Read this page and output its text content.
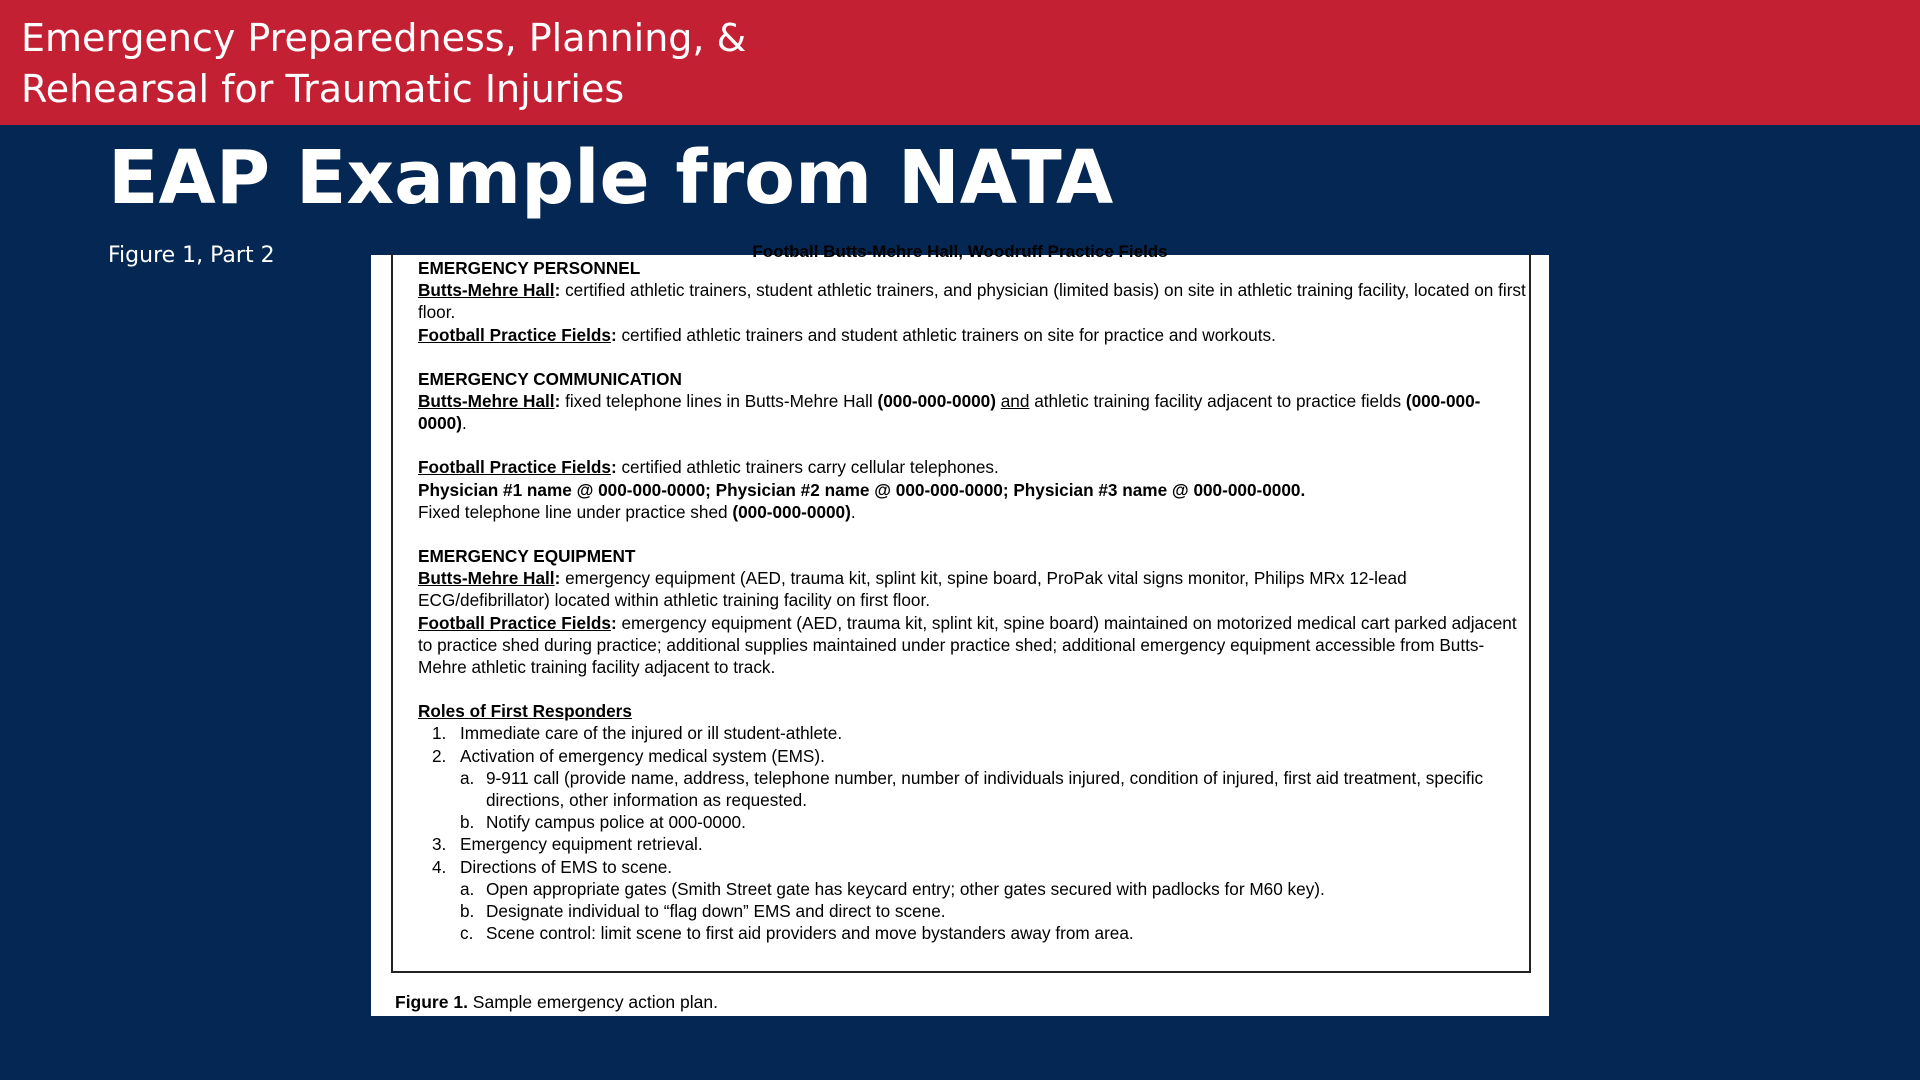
Emergency Preparedness, Planning, &
Rehearsal for Traumatic Injuries
EAP Example from NATA
Figure 1, Part 2	Football Butts-Mehre Hall, Woodruff Practice Fields

EMERGENCY PERSONNEL

Butts-Mehre Hall: certified athletic trainers, student athletic trainers, and physician (limited basis) on site in athletic training facility, located on first floor.

Football Practice Fields: certified athletic trainers and student athletic trainers on site for practice and workouts.

EMERGENCY COMMUNICATION

Butts-Mehre Hall: fixed telephone lines in Butts-Mehre Hall (000-000-0000) and athletic training facility adjacent to practice fields (000-000-0000).

Football Practice Fields: certified athletic trainers carry cellular telephones.

Physician #1 name @ 000-000-0000; Physician #2 name @ 000-000-0000; Physician #3 name @ 000-000-0000.

Fixed telephone line under practice shed (000-000-0000).

EMERGENCY EQUIPMENT

Butts-Mehre Hall: emergency equipment (AED, trauma kit, splint kit, spine board, ProPak vital signs monitor, Philips MRx 12-lead ECG/defibrillator) located within athletic training facility on first floor.

Football Practice Fields: emergency equipment (AED, trauma kit, splint kit, spine board) maintained on motorized medical cart parked adjacent to practice shed during practice; additional supplies maintained under practice shed; additional emergency equipment accessible from Butts-Mehre athletic training facility adjacent to track.

Roles of First Responders

1. Immediate care of the injured or ill student-athlete.
2. Activation of emergency medical system (EMS).
a. 9-911 call (provide name, address, telephone number, number of individuals injured, condition of injured, first aid treatment, specific directions, other information as requested.
b. Notify campus police at 000-0000.
3. Emergency equipment retrieval.
4. Directions of EMS to scene.
a. Open appropriate gates (Smith Street gate has keycard entry; other gates secured with padlocks for M60 key).
b. Designate individual to “flag down” EMS and direct to scene.
c. Scene control: limit scene to first aid providers and move bystanders away from area.
Figure 1. Sample emergency action plan.
